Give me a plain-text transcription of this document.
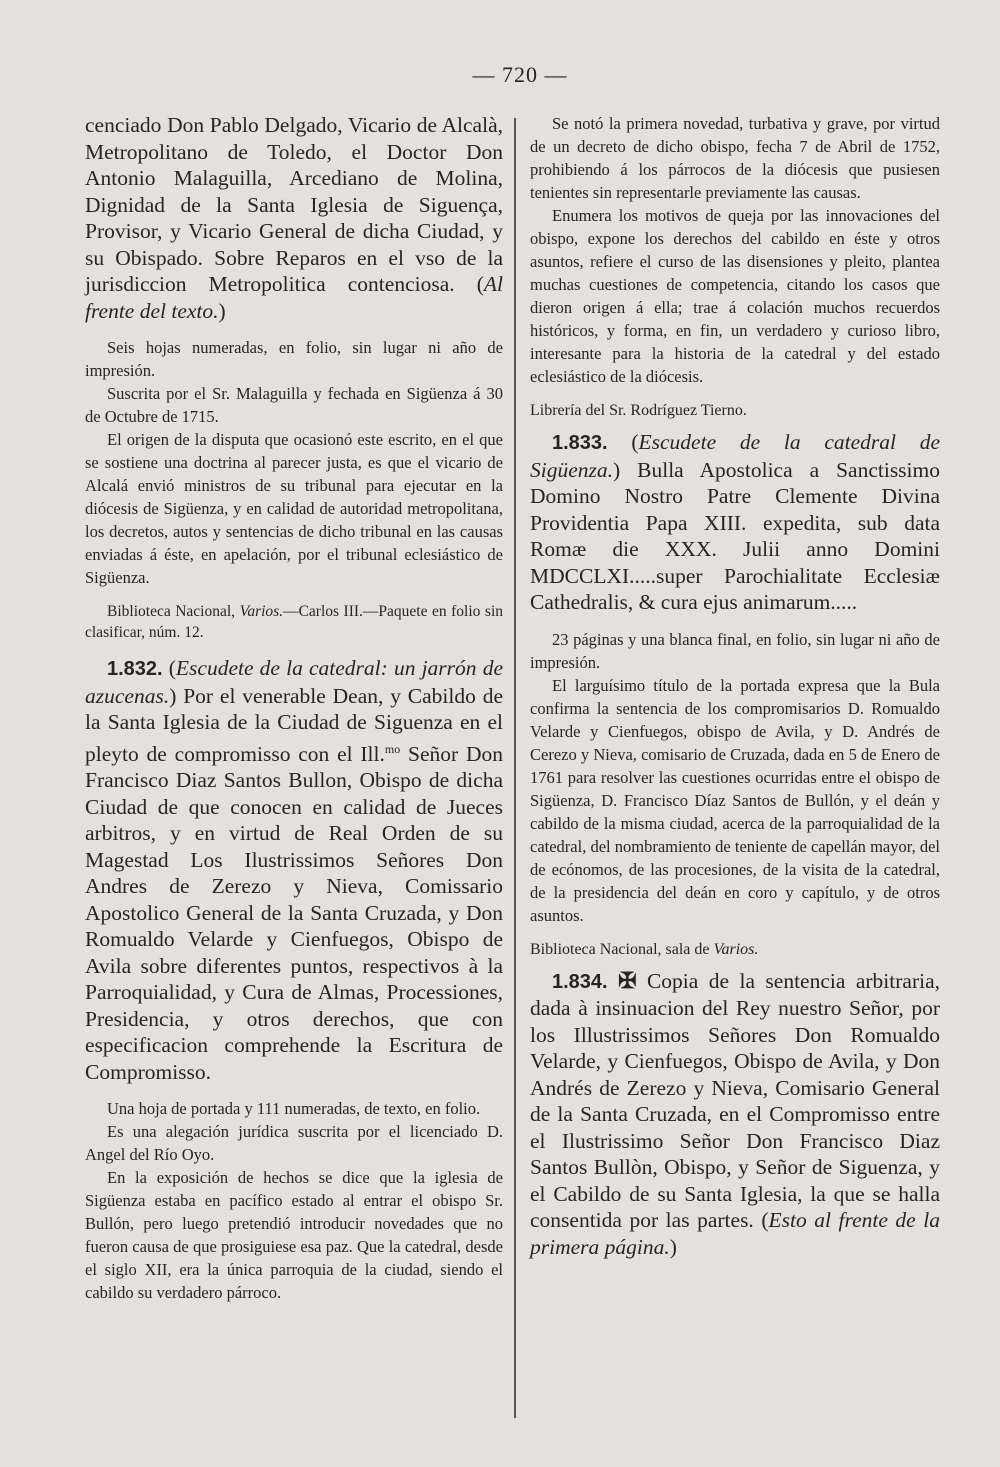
— 720 —

cenciado Don Pablo Delgado, Vicario de Alcalà, Metropolitano de Toledo, el Doctor Don Antonio Malaguilla, Arcediano de Molina, Dignidad de la Santa Iglesia de Siguença, Provisor, y Vicario General de dicha Ciudad, y su Obispado. Sobre Reparos en el vso de la jurisdiccion Metropolitica contenciosa. (Al frente del texto.)

Seis hojas numeradas, en folio, sin lugar ni año de impresión.

Suscrita por el Sr. Malaguilla y fechada en Sigüenza á 30 de Octubre de 1715.

El origen de la disputa que ocasionó este escrito, en el que se sostiene una doctrina al parecer justa, es que el vicario de Alcalá envió ministros de su tribunal para ejecutar en la diócesis de Sigüenza, y en calidad de autoridad metropolitana, los decretos, autos y sentencias de dicho tribunal en las causas enviadas á éste, en apelación, por el tribunal eclesiástico de Sigüenza.

Biblioteca Nacional, Varios.—Carlos III.—Paquete en folio sin clasificar, núm. 12.

1.832. (Escudete de la catedral: un jarrón de azucenas.) Por el venerable Dean, y Cabildo de la Santa Iglesia de la Ciudad de Siguenza en el pleyto de compromisso con el Ill.$^{mo}$ Señor Don Francisco Diaz Santos Bullon, Obispo de dicha Ciudad de que conocen en calidad de Jueces arbitros, y en virtud de Real Orden de su Magestad Los Ilustrissimos Señores Don Andres de Zerezo y Nieva, Comissario Apostolico General de la Santa Cruzada, y Don Romualdo Velarde y Cienfuegos, Obispo de Avila sobre diferentes puntos, respectivos à la Parroquialidad, y Cura de Almas, Processiones, Presidencia, y otros derechos, que con especificacion comprehende la Escritura de Compromisso.

Una hoja de portada y 111 numeradas, de texto, en folio.

Es una alegación jurídica suscrita por el licenciado D. Angel del Río Oyo.

En la exposición de hechos se dice que la iglesia de Sigüenza estaba en pacífico estado al entrar el obispo Sr. Bullón, pero luego pretendió introducir novedades que no fueron causa de que prosiguiese esa paz. Que la catedral, desde el siglo XII, era la única parroquia de la ciudad, siendo el cabildo su verdadero párroco.

Se notó la primera novedad, turbativa y grave, por virtud de un decreto de dicho obispo, fecha 7 de Abril de 1752, prohibiendo á los párrocos de la diócesis que pusiesen tenientes sin representarle previamente las causas.

Enumera los motivos de queja por las innovaciones del obispo, expone los derechos del cabildo en éste y otros asuntos, refiere el curso de las disensiones y pleito, plantea muchas cuestiones de competencia, citando los casos que dieron origen á ella; trae á colación muchos recuerdos históricos, y forma, en fin, un verdadero y curioso libro, interesante para la historia de la catedral y del estado eclesiástico de la diócesis.

Librería del Sr. Rodríguez Tierno.

1.833. (Escudete de la catedral de Sigüenza.) Bulla Apostolica a Sanctissimo Domino Nostro Patre Clemente Divina Providentia Papa XIII. expedita, sub data Romæ die XXX. Julii anno Domini MDCCLXI.....super Parochialitate Ecclesiæ Cathedralis, & cura ejus animarum.....

23 páginas y una blanca final, en folio, sin lugar ni año de impresión.

El larguísimo título de la portada expresa que la Bula confirma la sentencia de los compromisarios D. Romualdo Velarde y Cienfuegos, obispo de Avila, y D. Andrés de Cerezo y Nieva, comisario de Cruzada, dada en 5 de Enero de 1761 para resolver las cuestiones ocurridas entre el obispo de Sigüenza, D. Francisco Díaz Santos de Bullón, y el deán y cabildo de la misma ciudad, acerca de la parroquialidad de la catedral, del nombramiento de teniente de capellán mayor, del de ecónomos, de las procesiones, de la visita de la catedral, de la presidencia del deán en coro y capítulo, y de otros asuntos.

Biblioteca Nacional, sala de Varios.

1.834. ✠ Copia de la sentencia arbitraria, dada à insinuacion del Rey nuestro Señor, por los Illustrissimos Señores Don Romualdo Velarde, y Cienfuegos, Obispo de Avila, y Don Andrés de Zerezo y Nieva, Comisario General de la Santa Cruzada, en el Compromisso entre el Ilustrissimo Señor Don Francisco Diaz Santos Bullòn, Obispo, y Señor de Siguenza, y el Cabildo de su Santa Iglesia, la que se halla consentida por las partes. (Esto al frente de la primera página.)
